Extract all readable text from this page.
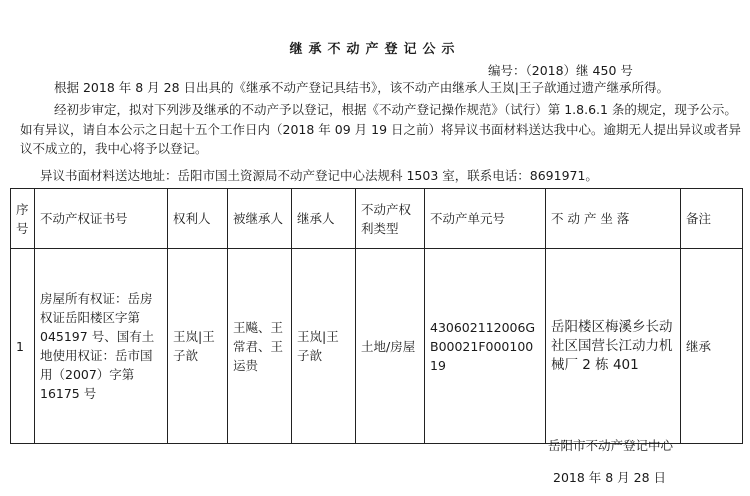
继承不动产登记公示
编号：（2018）继 450 号
根据 2018 年 8 月 28 日出具的《继承不动产登记具结书》，该不动产由继承人王岚|王子歆通过遗产继承所得。
经初步审定，拟对下列涉及继承的不动产予以登记，根据《不动产登记操作规范》（试行）第 1.8.6.1 条的规定，现予公示。如有异议，请自本公示之日起十五个工作日内（2018 年 09 月 19 日之前）将异议书面材料送达我中心。逾期无人提出异议或者异议不成立的，我中心将予以登记。
异议书面材料送达地址：岳阳市国土资源局不动产登记中心法规科 1503 室，联系电话：8691971。
序号	不动产权证书号	权利人	被继承人	继承人	不动产权利类型	不动产单元号	不 动 产 坐 落	备注
1	房屋所有权证：岳房权证岳阳楼区字第 045197 号、国有土地使用权证：岳市国用（2007）字第 16175 号	王岚|王子歆	王飚、王常君、王运贵	王岚|王子歆	土地/房屋	430602112006GB00021F00010019	岳阳楼区梅溪乡长动社区国营长江动力机械厂 2 栋 401	继承
岳阳市不动产登记中心
2018 年 8 月 28 日
